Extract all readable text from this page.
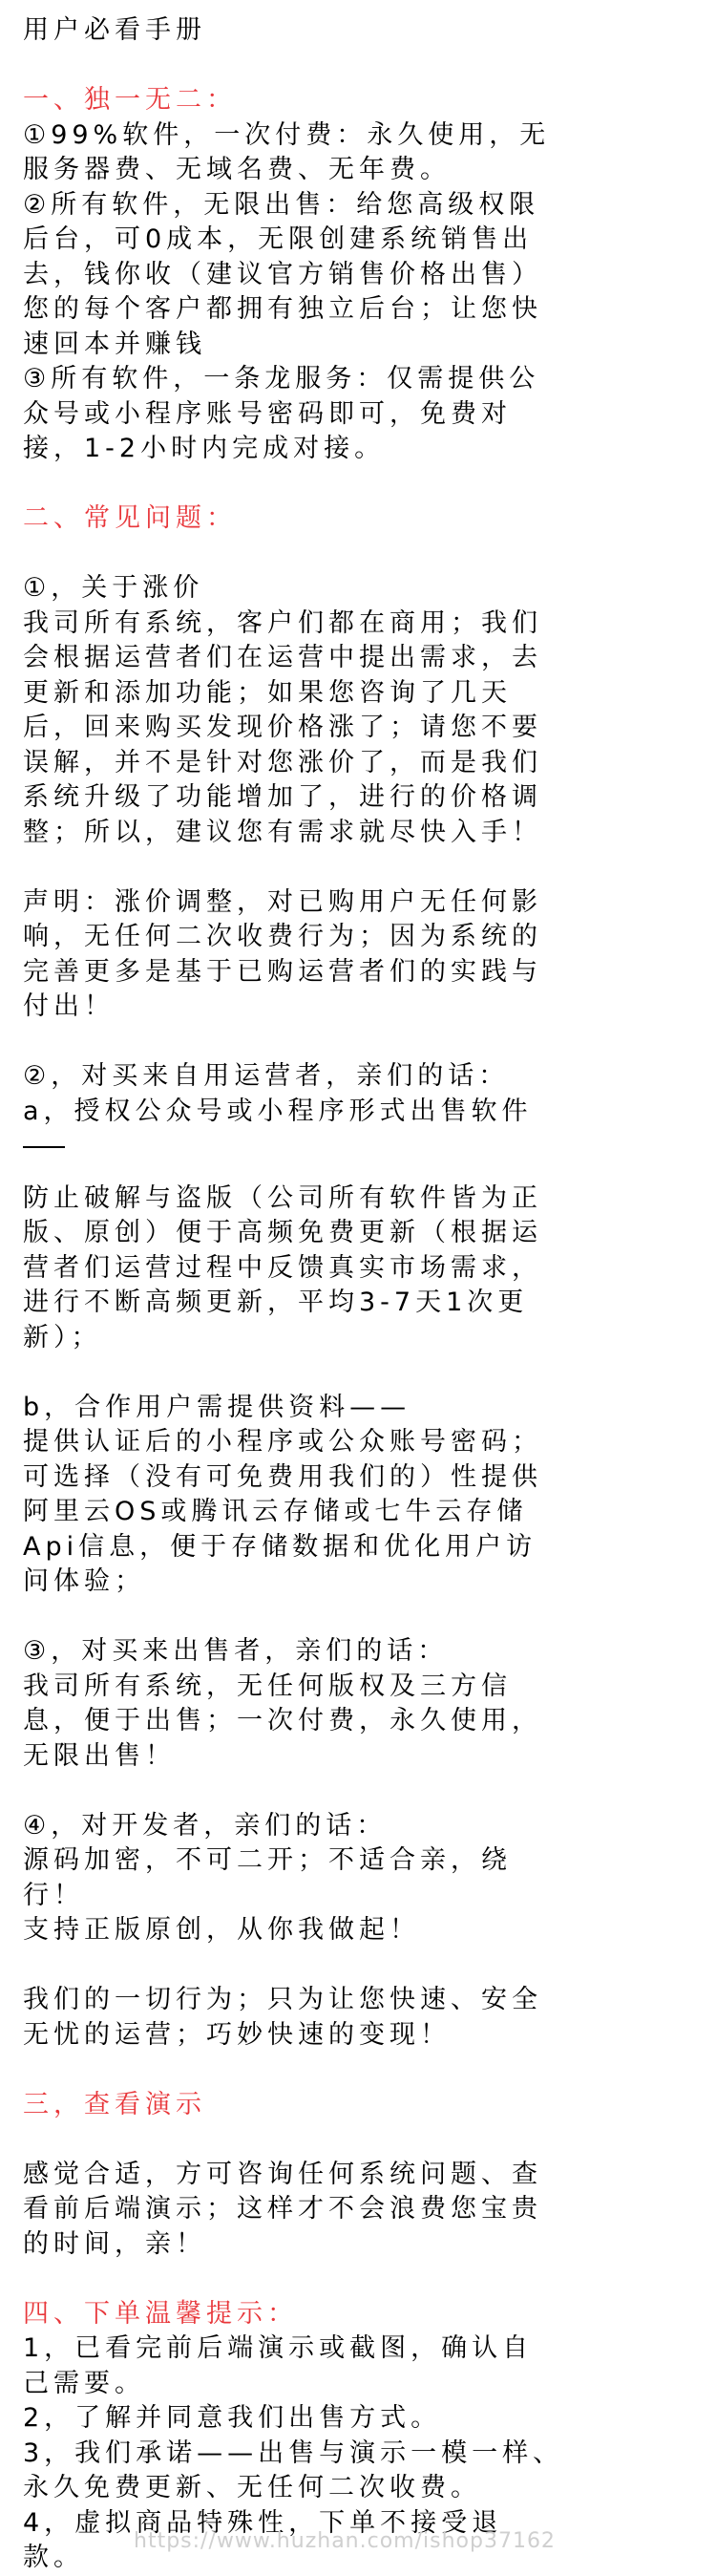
用户必看手册
一、独一无二：
①99%软件，一次付费：永久使用，无
服务器费、无域名费、无年费。
②所有软件，无限出售：给您高级权限
后台，可0成本，无限创建系统销售出
去，钱你收（建议官方销售价格出售）
您的每个客户都拥有独立后台；让您快
速回本并赚钱
③所有软件，一条龙服务：仅需提供公
众号或小程序账号密码即可，免费对
接，1-2小时内完成对接。
二、常见问题：
①，关于涨价
我司所有系统，客户们都在商用；我们
会根据运营者们在运营中提出需求，去
更新和添加功能；如果您咨询了几天
后，回来购买发现价格涨了；请您不要
误解，并不是针对您涨价了，而是我们
系统升级了功能增加了，进行的价格调
整；所以，建议您有需求就尽快入手！
声明：涨价调整，对已购用户无任何影
响，无任何二次收费行为；因为系统的
完善更多是基于已购运营者们的实践与
付出！
②，对买来自用运营者，亲们的话：
a，授权公众号或小程序形式出售软件
防止破解与盗版（公司所有软件皆为正
版、原创）便于高频免费更新（根据运
营者们运营过程中反馈真实市场需求，
进行不断高频更新，平均3-7天1次更
新）；
b，合作用户需提供资料——
提供认证后的小程序或公众账号密码；
可选择（没有可免费用我们的）性提供
阿里云OS或腾讯云存储或七牛云存储
Api信息，便于存储数据和优化用户访
问体验；
③，对买来出售者，亲们的话：
我司所有系统，无任何版权及三方信
息，便于出售；一次付费，永久使用，
无限出售！
④，对开发者，亲们的话：
源码加密，不可二开；不适合亲，绕
行！
支持正版原创，从你我做起！
我们的一切行为；只为让您快速、安全
无忧的运营；巧妙快速的变现！
三，查看演示
感觉合适，方可咨询任何系统问题、查
看前后端演示；这样才不会浪费您宝贵
的时间，亲！
四、下单温馨提示：
1，已看完前后端演示或截图，确认自
己需要。
2，了解并同意我们出售方式。
3，我们承诺——出售与演示一模一样、
永久免费更新、无任何二次收费。
4，虚拟商品特殊性，下单不接受退
款。
https://www.huzhan.com/ishop37162
